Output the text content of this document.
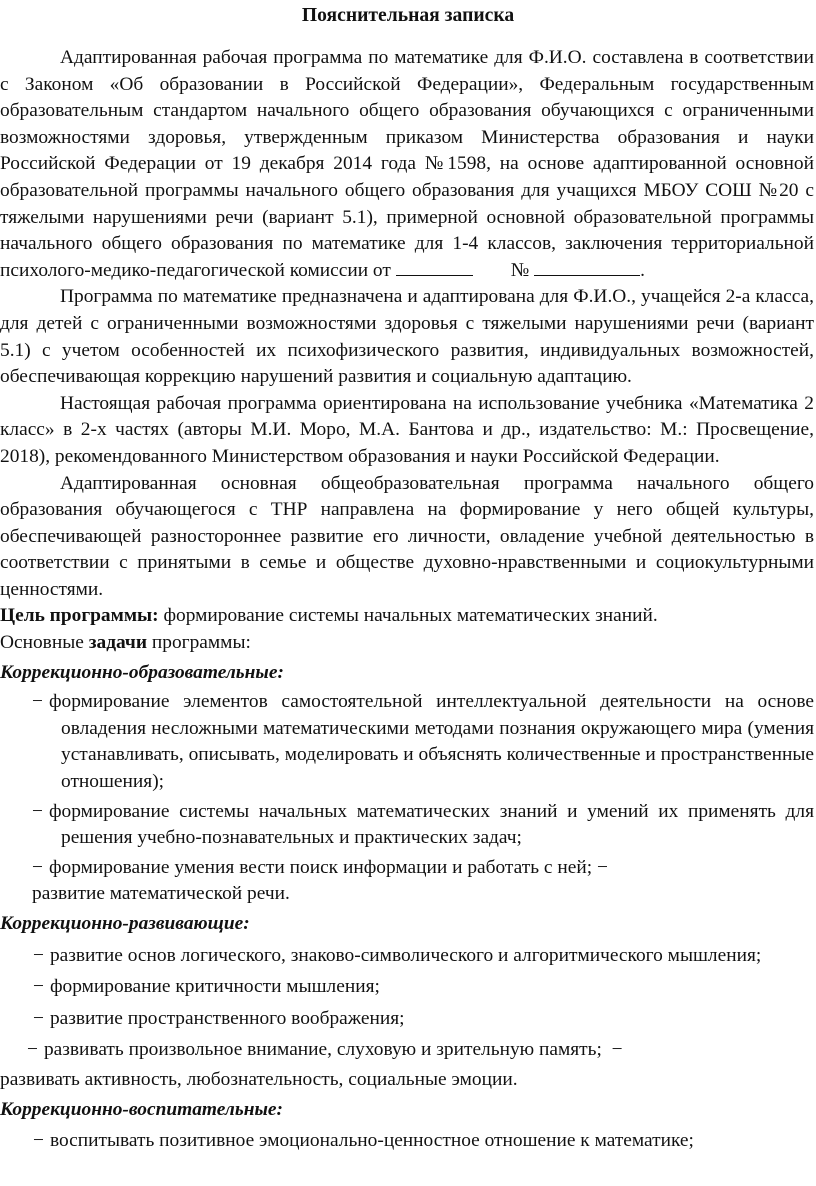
Пояснительная записка

Адаптированная рабочая программа по математике для Ф.И.О. составлена в соответствии с Законом «Об образовании в Российской Федерации», Федеральным государственным образовательным стандартом начального общего образования обучающихся с ограниченными возможностями здоровья, утвержденным приказом Министерства образования и науки Российской Федерации от 19 декабря 2014 года №1598, на основе адаптированной основной образовательной программы начального общего образования для учащихся МБОУ СОШ №20 с тяжелыми нарушениями речи (вариант 5.1), примерной основной образовательной программы начального общего образования по математике для 1-4 классов, заключения территориальной психолого-медико-педагогической комиссии от	№	.

Программа по математике предназначена и адаптирована для Ф.И.О., учащейся 2-а класса, для детей с ограниченными возможностями здоровья с тяжелыми нарушениями речи (вариант 5.1) с учетом особенностей их психофизического развития, индивидуальных возможностей, обеспечивающая коррекцию нарушений развития и социальную адаптацию.

Настоящая рабочая программа ориентирована на использование учебника «Математика 2 класс» в 2-х частях (авторы М.И. Моро, М.А. Бантова и др., издательство: М.: Просвещение, 2018), рекомендованного Министерством образования и науки Российской Федерации.

Адаптированная основная общеобразовательная программа начального общего образования обучающегося с ТНР направлена на формирование у него общей культуры, обеспечивающей разностороннее развитие его личности, овладение учебной деятельностью в соответствии с принятыми в семье и обществе духовно-нравственными и социокультурными ценностями.

Цель программы: формирование системы начальных математических знаний.

Основные задачи программы:

Коррекционно-образовательные:

− формирование элементов самостоятельной интеллектуальной деятельности на основе овладения несложными математическими методами познания окружающего мира (умения устанавливать, описывать, моделировать и объяснять количественные и пространственные отношения);

− формирование системы начальных математических знаний и умений их применять для решения учебно-познавательных и практических задач;

− формирование умения вести поиск информации и работать с ней; −

развитие математической речи.

Коррекционно-развивающие:

− развитие основ логического, знаково-символического и алгоритмического мышления;

− формирование критичности мышления;

− развитие пространственного воображения;

− развивать произвольное внимание, слуховую и зрительную память; −

развивать активность, любознательность, социальные эмоции.

Коррекционно-воспитательные:

− воспитывать позитивное эмоционально-ценностное отношение к математике;
